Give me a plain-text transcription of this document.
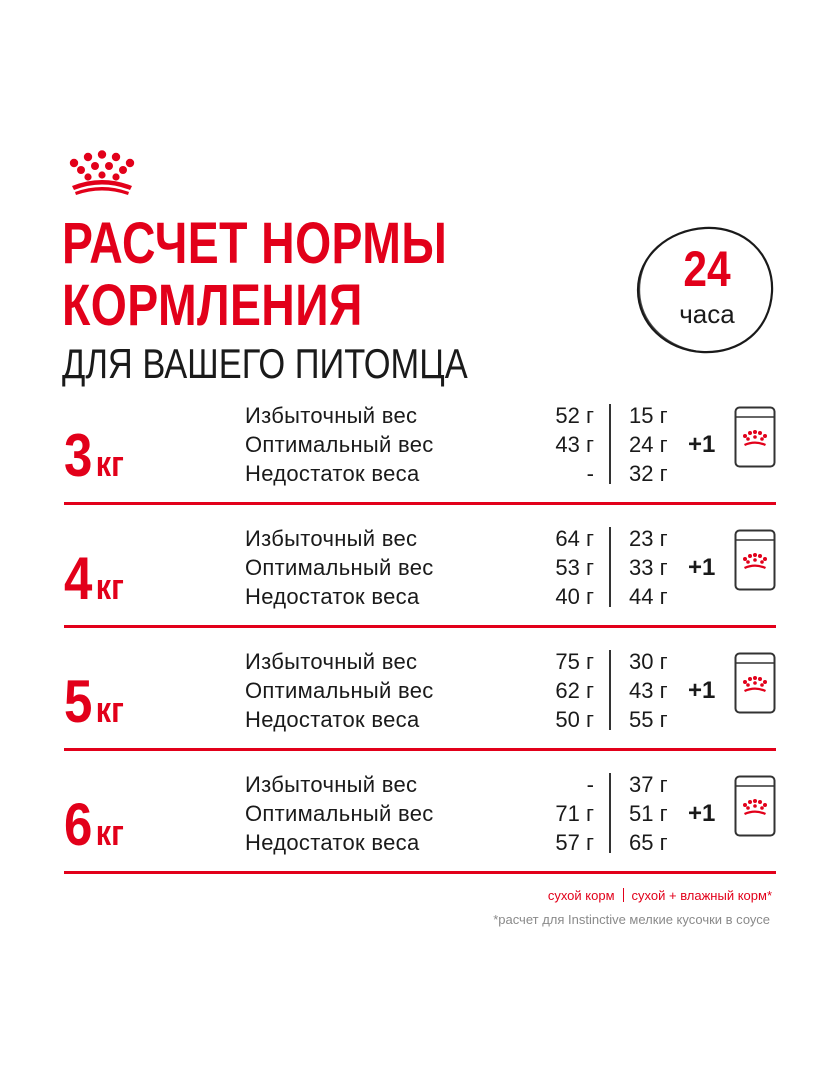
РАСЧЕТ НОРМЫ
КОРМЛЕНИЯ
ДЛЯ ВАШЕГО ПИТОМЦА
24
часа
3кг
Избыточный вес	52 г 15 г
Оптимальный вес	43 г 24 г
Недостаток веса	- 32 г
+1
4кг
Избыточный вес	64 г 23 г
Оптимальный вес	53 г 33 г
Недостаток веса	40 г 44 г
+1
5кг
Избыточный вес	75 г 30 г
Оптимальный вес	62 г 43 г
Недостаток веса	50 г 55 г
+1
6кг
Избыточный вес	- 37 г
Оптимальный вес	71 г 51 г
Недостаток веса	57 г 65 г
+1
сухой корм сухой + влажный корм*
*расчет для Instinctive мелкие кусочки в соусе
